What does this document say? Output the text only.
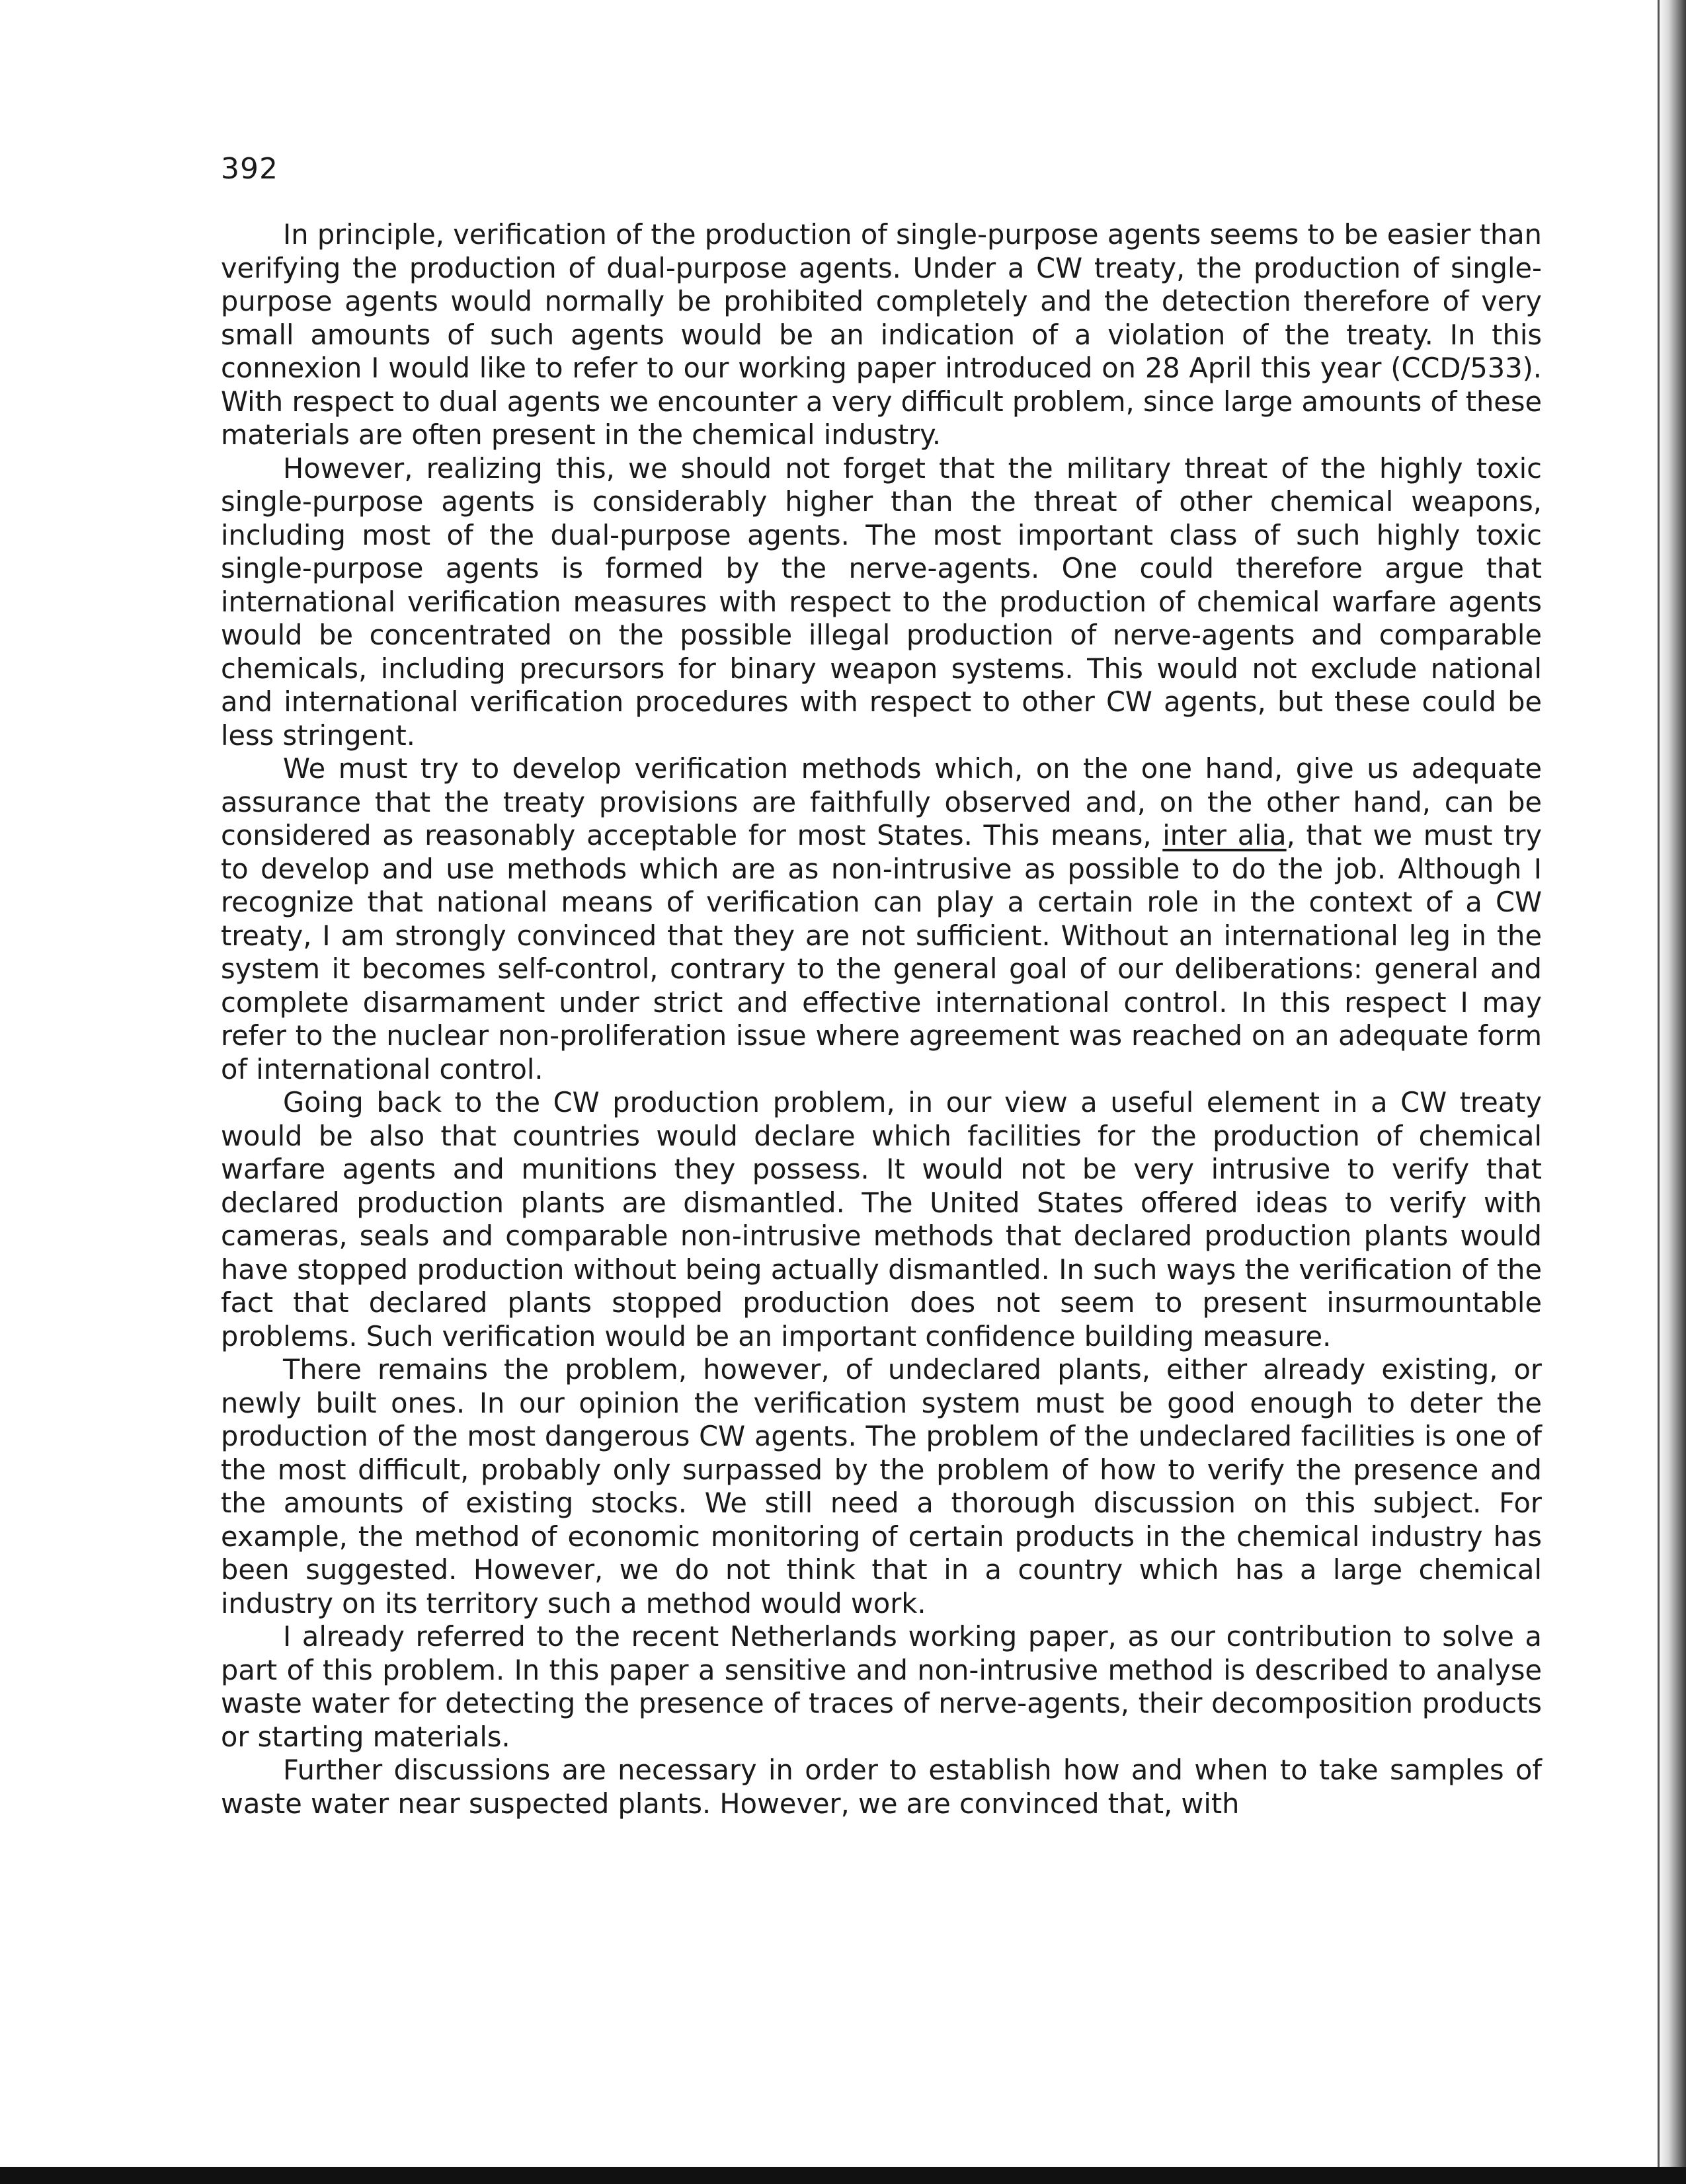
392

In principle, verification of the production of single-purpose agents seems to be easier than verifying the production of dual-purpose agents. Under a CW treaty, the production of single-purpose agents would normally be prohibited completely and the detection therefore of very small amounts of such agents would be an indication of a violation of the treaty. In this connexion I would like to refer to our working paper introduced on 28 April this year (CCD/533). With respect to dual agents we encounter a very difficult problem, since large amounts of these materials are often present in the chemical industry.

However, realizing this, we should not forget that the military threat of the highly toxic single-purpose agents is considerably higher than the threat of other chemical weapons, including most of the dual-purpose agents. The most important class of such highly toxic single-purpose agents is formed by the nerve-agents. One could therefore argue that international verification measures with respect to the production of chemical warfare agents would be concentrated on the possible illegal production of nerve-agents and comparable chemicals, including precursors for binary weapon systems. This would not exclude national and international verification procedures with respect to other CW agents, but these could be less stringent.

We must try to develop verification methods which, on the one hand, give us adequate assurance that the treaty provisions are faithfully observed and, on the other hand, can be considered as reasonably acceptable for most States. This means, inter alia, that we must try to develop and use methods which are as non-intrusive as possible to do the job. Although I recognize that national means of verification can play a certain role in the context of a CW treaty, I am strongly convinced that they are not sufficient. Without an international leg in the system it becomes self-control, contrary to the general goal of our deliberations: general and complete disarmament under strict and effective international control. In this respect I may refer to the nuclear non-proliferation issue where agreement was reached on an adequate form of international control.

Going back to the CW production problem, in our view a useful element in a CW treaty would be also that countries would declare which facilities for the production of chemical warfare agents and munitions they possess. It would not be very intrusive to verify that declared production plants are dismantled. The United States offered ideas to verify with cameras, seals and comparable non-intrusive methods that declared production plants would have stopped production without being actually dismantled. In such ways the verification of the fact that declared plants stopped production does not seem to present insurmountable problems. Such verification would be an important confidence building measure.

There remains the problem, however, of undeclared plants, either already existing, or newly built ones. In our opinion the verification system must be good enough to deter the production of the most dangerous CW agents. The problem of the undeclared facilities is one of the most difficult, probably only surpassed by the problem of how to verify the presence and the amounts of existing stocks. We still need a thorough discussion on this subject. For example, the method of economic monitoring of certain products in the chemical industry has been suggested. However, we do not think that in a country which has a large chemical industry on its territory such a method would work.

I already referred to the recent Netherlands working paper, as our contribution to solve a part of this problem. In this paper a sensitive and non-intrusive method is described to analyse waste water for detecting the presence of traces of nerve-agents, their decomposition products or starting materials.

Further discussions are necessary in order to establish how and when to take samples of waste water near suspected plants. However, we are convinced that, with
